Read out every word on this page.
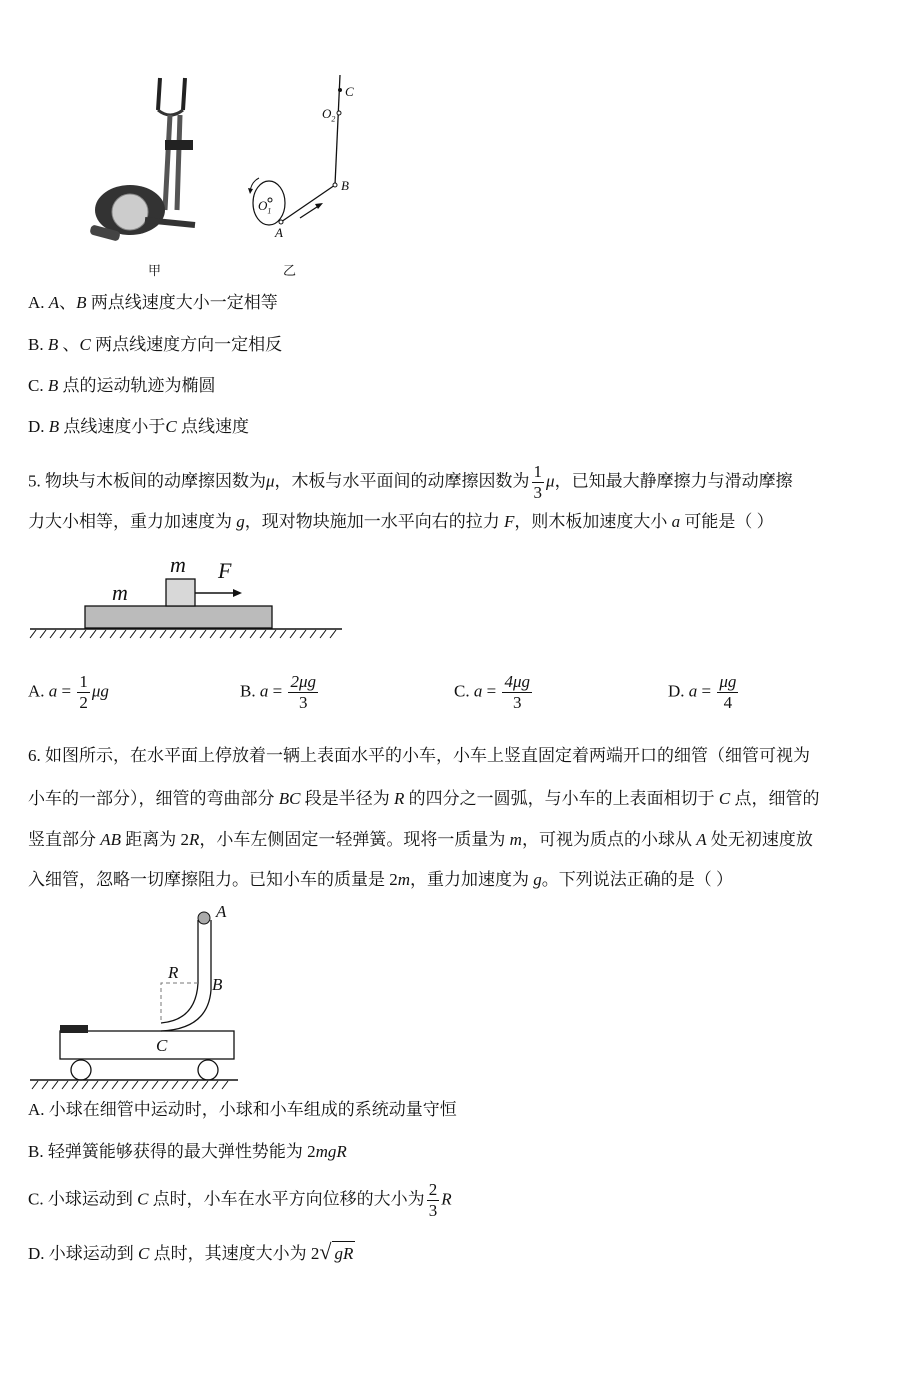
甲
C
$O_2$
B
$O_1$
A
乙
A. A、B 两点线速度大小一定相等
B. B 、C 两点线速度方向一定相反
C. B 点的运动轨迹为椭圆
D. B 点线速度小于C 点线速度
5. 物块与木板间的动摩擦因数为μ，木板与水平面间的动摩擦因数为 $\frac{1}{3}$ μ，已知最大静摩擦力与滑动摩擦
力大小相等，重力加速度为 g，现对物块施加一水平向右的拉力 F，则木板加速度大小 a 可能是（ ）
m
m
F
A. $a = \frac{1}{2}$ μg	B. $a = \frac{2\mu g}{3}$	C. $a = \frac{4\mu g}{3}$	D. $a = \frac{\mu g}{4}$
6. 如图所示，在水平面上停放着一辆上表面水平的小车，小车上竖直固定着两端开口的细管（细管可视为
小车的一部分），细管的弯曲部分 BC 段是半径为 R 的四分之一圆弧，与小车的上表面相切于 C 点，细管的
竖直部分 AB 距离为 2R，小车左侧固定一轻弹簧。现将一质量为 m，可视为质点的小球从 A 处无初速度放
入细管，忽略一切摩擦阻力。已知小车的质量是 2m，重力加速度为 g。下列说法正确的是（ ）
A
B
R
C
A. 小球在细管中运动时，小球和小车组成的系统动量守恒
B. 轻弹簧能够获得的最大弹性势能为 2mgR
C. 小球运动到 C 点时，小车在水平方向位移的大小为 $\frac{2}{3}$ R
D. 小球运动到 C 点时，其速度大小为 2√ gR
